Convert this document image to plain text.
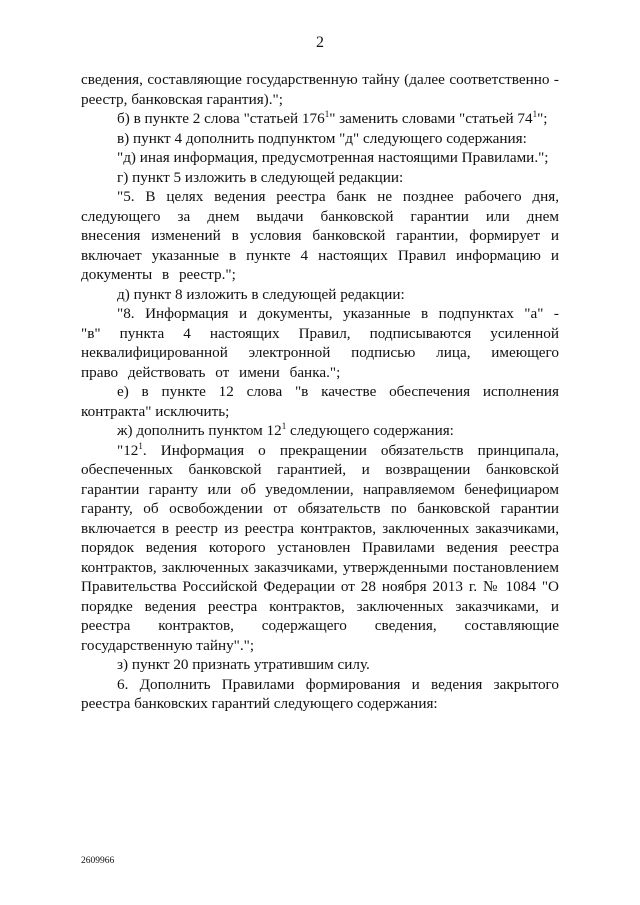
2

сведения, составляющие государственную тайну (далее соответственно - реестр, банковская гарантия).";

б) в пункте 2 слова "статьей $176^1$" заменить словами "статьей $74^1$";

в) пункт 4 дополнить подпунктом "д" следующего содержания:

"д) иная информация, предусмотренная настоящими Правилами.";

г) пункт 5 изложить в следующей редакции:

"5. В целях ведения реестра банк не позднее рабочего дня, следующего за днем выдачи банковской гарантии или днем внесения изменений в условия банковской гарантии, формирует и включает указанные в пункте 4 настоящих Правил информацию и документы в реестр.";

д) пункт 8 изложить в следующей редакции:

"8. Информация и документы, указанные в подпунктах "а" - "в" пункта 4 настоящих Правил, подписываются усиленной неквалифицированной электронной подписью лица, имеющего право действовать от имени банка.";

е) в пункте 12 слова "в качестве обеспечения исполнения контракта" исключить;

ж) дополнить пунктом $12^1$ следующего содержания:

"$12^1$. Информация о прекращении обязательств принципала, обеспеченных банковской гарантией, и возвращении банковской гарантии гаранту или об уведомлении, направляемом бенефициаром гаранту, об освобождении от обязательств по банковской гарантии включается в реестр из реестра контрактов, заключенных заказчиками, порядок ведения которого установлен Правилами ведения реестра контрактов, заключенных заказчиками, утвержденными постановлением Правительства Российской Федерации от 28 ноября 2013 г. № 1084 "О порядке ведения реестра контрактов, заключенных заказчиками, и реестра контрактов, содержащего сведения, составляющие государственную тайну".";

з) пункт 20 признать утратившим силу.

6. Дополнить Правилами формирования и ведения закрытого реестра банковских гарантий следующего содержания:

2609966
